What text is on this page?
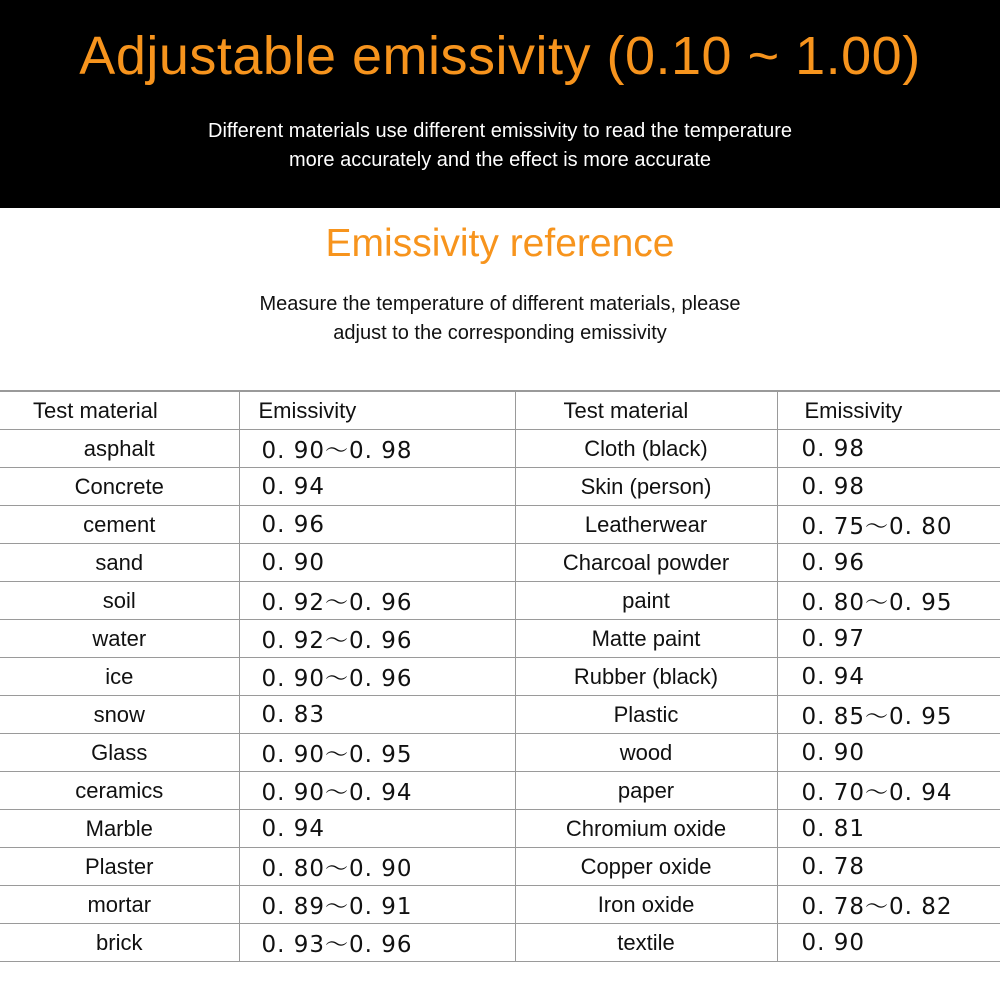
Adjustable emissivity (0.10 ~ 1.00)
Different materials use different emissivity to read the temperature
more accurately and the effect is more accurate
Emissivity reference
Measure the temperature of different materials, please
adjust to the corresponding emissivity
Test material	Emissivity	Test material	Emissivity
asphalt	0. 90～0. 98	Cloth (black)	0. 98
Concrete	0. 94	Skin (person)	0. 98
cement	0. 96	Leatherwear	0. 75～0. 80
sand	0. 90	Charcoal powder	0. 96
soil	0. 92～0. 96	paint	0. 80～0. 95
water	0. 92～0. 96	Matte paint	0. 97
ice	0. 90～0. 96	Rubber (black)	0. 94
snow	0. 83	Plastic	0. 85～0. 95
Glass	0. 90～0. 95	wood	0. 90
ceramics	0. 90～0. 94	paper	0. 70～0. 94
Marble	0. 94	Chromium oxide	0. 81
Plaster	0. 80～0. 90	Copper oxide	0. 78
mortar	0. 89～0. 91	Iron oxide	0. 78～0. 82
brick	0. 93～0. 96	textile	0. 90
